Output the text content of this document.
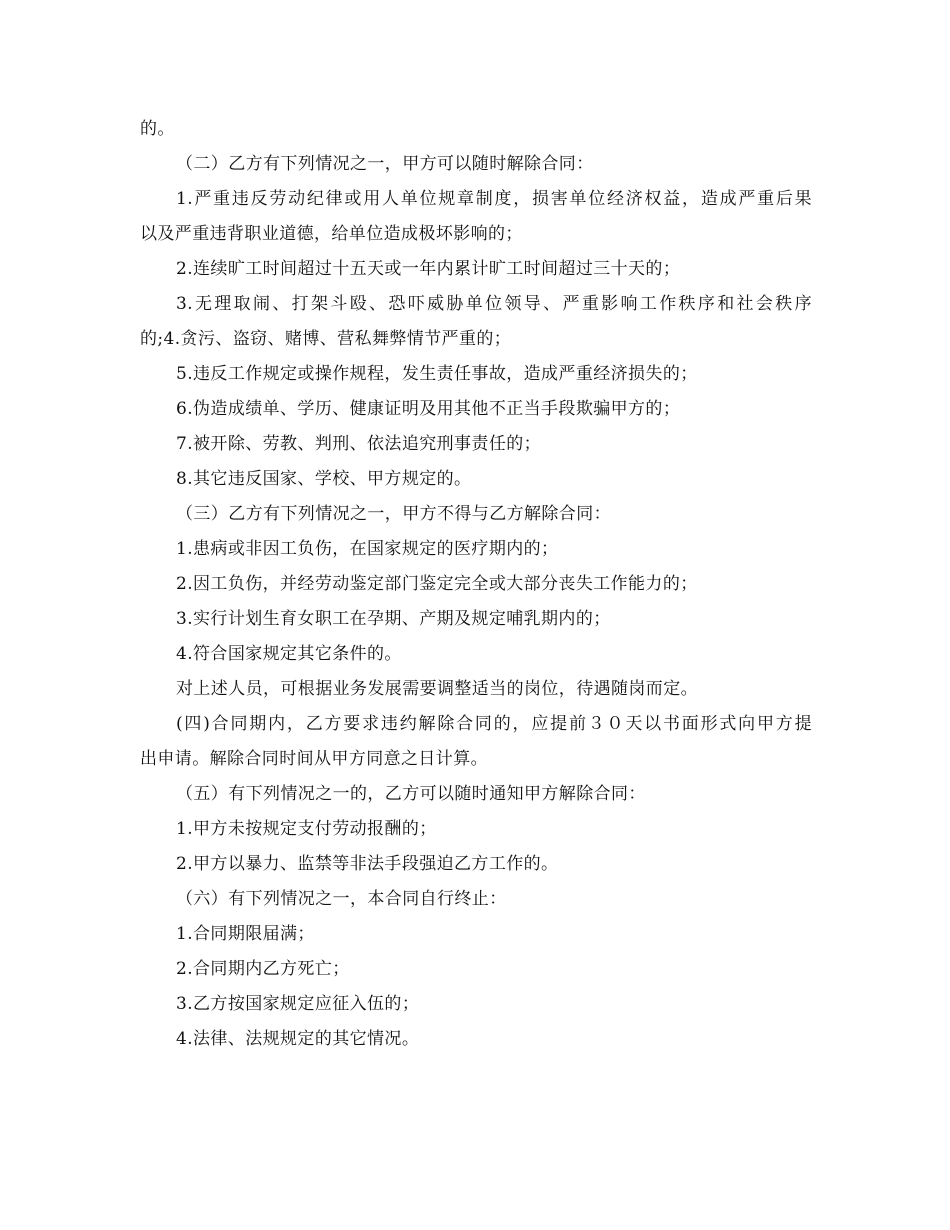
的。
（二）乙方有下列情况之一，甲方可以随时解除合同：
1.严重违反劳动纪律或用人单位规章制度，损害单位经济权益，造成严重后果
以及严重违背职业道德，给单位造成极坏影响的；
2.连续旷工时间超过十五天或一年内累计旷工时间超过三十天的；
3.无理取闹、打架斗殴、恐吓威胁单位领导、严重影响工作秩序和社会秩序
的;4.贪污、盗窃、赌博、营私舞弊情节严重的；
5.违反工作规定或操作规程，发生责任事故，造成严重经济损失的；
6.伪造成绩单、学历、健康证明及用其他不正当手段欺骗甲方的；
7.被开除、劳教、判刑、依法追究刑事责任的；
8.其它违反国家、学校、甲方规定的。
（三）乙方有下列情况之一，甲方不得与乙方解除合同：
1.患病或非因工负伤，在国家规定的医疗期内的；
2.因工负伤，并经劳动鉴定部门鉴定完全或大部分丧失工作能力的；
3.实行计划生育女职工在孕期、产期及规定哺乳期内的；
4.符合国家规定其它条件的。
对上述人员，可根据业务发展需要调整适当的岗位，待遇随岗而定。
(四)合同期内，乙方要求违约解除合同的，应提前３０天以书面形式向甲方提
出申请。解除合同时间从甲方同意之日计算。
（五）有下列情况之一的，乙方可以随时通知甲方解除合同：
1.甲方未按规定支付劳动报酬的；
2.甲方以暴力、监禁等非法手段强迫乙方工作的。
（六）有下列情况之一，本合同自行终止：
1.合同期限届满；
2.合同期内乙方死亡；
3.乙方按国家规定应征入伍的；
4.法律、法规规定的其它情况。
